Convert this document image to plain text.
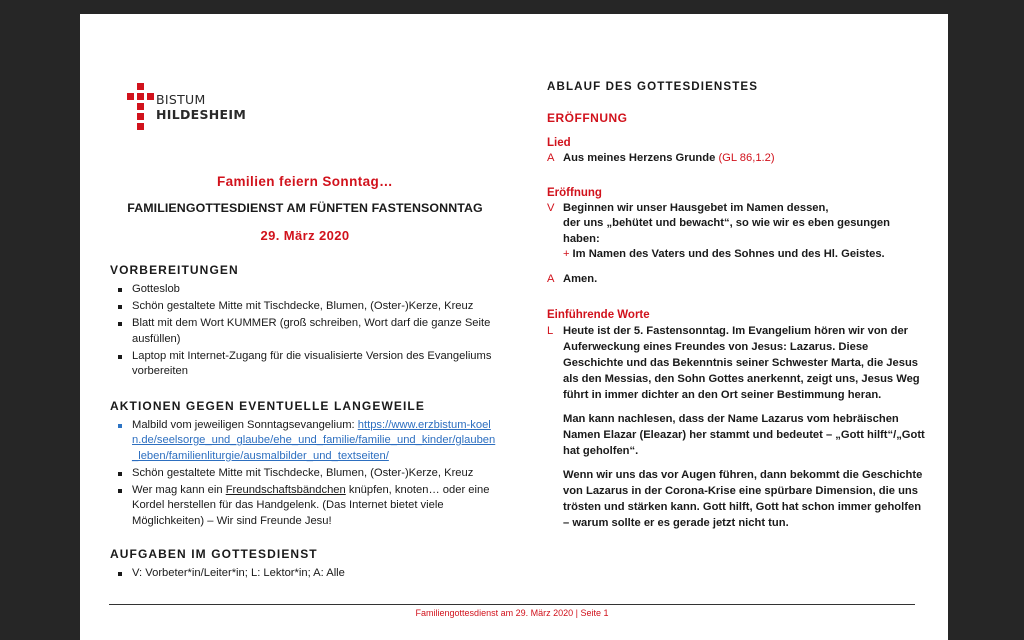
BISTUM
HILDESHEIM
Familien feiern Sonntag…
FAMILIENGOTTESDIENST AM FÜNFTEN FASTENSONNTAG
29. März 2020
VORBEREITUNGEN
Gotteslob
Schön gestaltete Mitte mit Tischdecke, Blumen, (Oster-)Kerze, Kreuz
Blatt mit dem Wort KUMMER (groß schreiben, Wort darf die ganze Seite ausfüllen)
Laptop mit Internet-Zugang für die visualisierte Version des Evangeliums vorbereiten
AKTIONEN GEGEN EVENTUELLE LANGEWEILE
Malbild vom jeweiligen Sonntagsevangelium: https://www.erzbistum-koeln.de/seelsorge_und_glaube/ehe_und_familie/familie_und_kinder/glauben_leben/familienliturgie/ausmalbilder_und_textseiten/
Schön gestaltete Mitte mit Tischdecke, Blumen, (Oster-)Kerze, Kreuz
Wer mag kann ein Freundschaftsbändchen knüpfen, knoten… oder eine Kordel herstellen für das Handgelenk. (Das Internet bietet viele Möglichkeiten) – Wir sind Freunde Jesu!
AUFGABEN IM GOTTESDIENST
V: Vorbeter*in/Leiter*in; L: Lektor*in; A: Alle
ABLAUF DES GOTTESDIENSTES
ERÖFFNUNG
Lied
A Aus meines Herzens Grunde (GL 86,1.2)
Eröffnung
V Beginnen wir unser Hausgebet im Namen dessen,
der uns „behütet und bewacht“, so wie wir es eben gesungen haben:
+ Im Namen des Vaters und des Sohnes und des Hl. Geistes.
A Amen.
Einführende Worte
L Heute ist der 5. Fastensonntag. Im Evangelium hören wir von der Auferweckung eines Freundes von Jesus: Lazarus. Diese Geschichte und das Bekenntnis seiner Schwester Marta, die Jesus als den Messias, den Sohn Gottes anerkennt, zeigt uns, Jesus Weg führt in immer dichter an den Ort seiner Bestimmung heran.
Man kann nachlesen, dass der Name Lazarus vom hebräischen Namen Elazar (Eleazar) her stammt und bedeutet – „Gott hilft“/„Gott hat geholfen“.
Wenn wir uns das vor Augen führen, dann bekommt die Geschichte von Lazarus in der Corona-Krise eine spürbare Dimension, die uns trösten und stärken kann. Gott hilft, Gott hat schon immer geholfen – warum sollte er es gerade jetzt nicht tun.
Familiengottesdienst am 29. März 2020 | Seite 1
